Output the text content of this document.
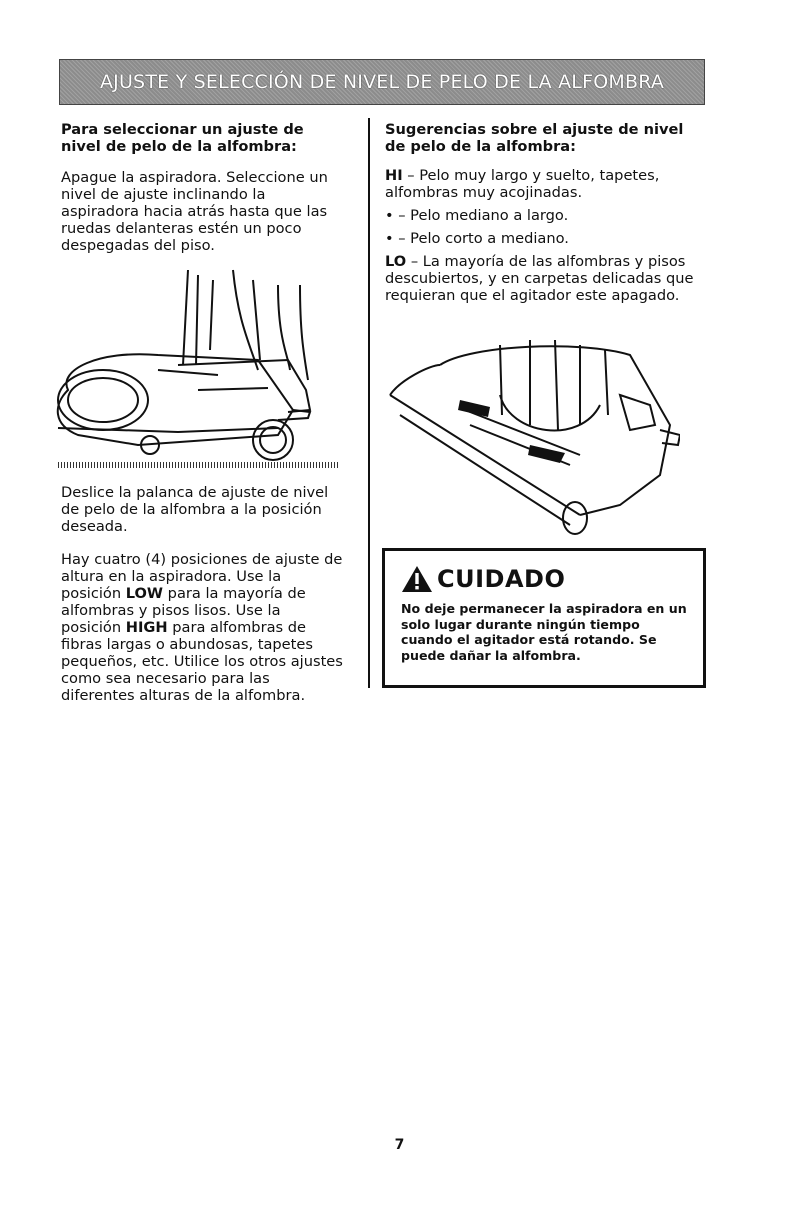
AJUSTE Y SELECCIÓN DE NIVEL DE PELO DE LA ALFOMBRA
Para seleccionar un ajuste de nivel de pelo de la alfombra:

Apague la aspiradora. Seleccione un nivel de ajuste inclinando la aspiradora hacia atrás hasta que las ruedas delanteras estén un poco despegadas del piso.

Deslice la palanca de ajuste de nivel de pelo de la alfombra a la posición deseada.

Hay cuatro (4) posiciones de ajuste de altura en la aspiradora. Use la posición LOW para la mayoría de alfombras y pisos lisos. Use la posición HIGH para alfombras de fibras largas o abundosas, tapetes pequeños, etc. Utilice los otros ajustes como sea necesario para las diferentes alturas de la alfombra.

Sugerencias sobre el ajuste de nivel de pelo de la alfombra:
HI – Pelo muy largo y suelto, tapetes, alfombras muy acojinadas.
• – Pelo mediano a largo.
• – Pelo corto a mediano.
LO – La mayoría de las alfombras y pisos descubiertos, y en carpetas delicadas que requieran que el agitador este apagado.
CUIDADO
No deje permanecer la aspiradora en un solo lugar durante ningún tiempo cuando el agitador está rotando. Se puede dañar la alfombra.
7
